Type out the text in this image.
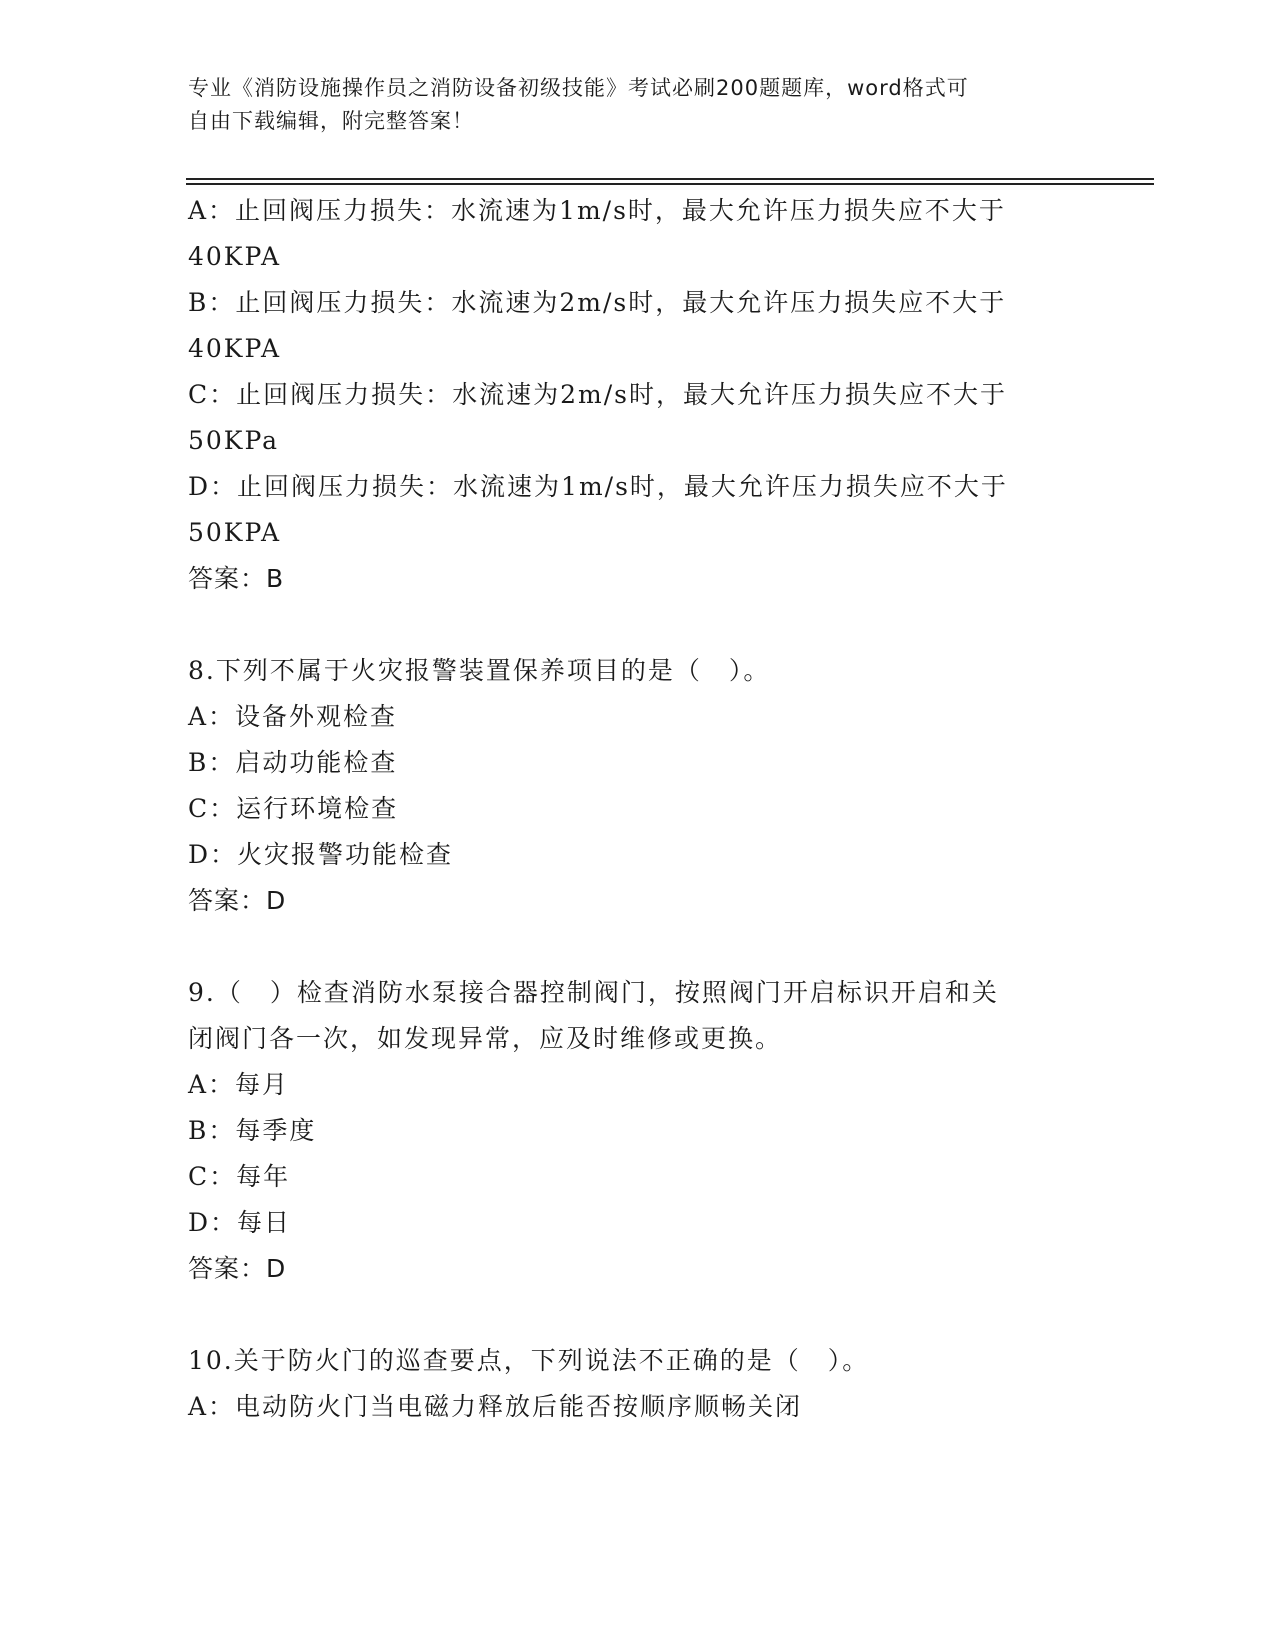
专业《消防设施操作员之消防设备初级技能》考试必刷200题题库，word格式可
自由下载编辑，附完整答案！
A：止回阀压力损失：水流速为1m/s时，最大允许压力损失应不大于
40KPA
B：止回阀压力损失：水流速为2m/s时，最大允许压力损失应不大于
40KPA
C：止回阀压力损失：水流速为2m/s时，最大允许压力损失应不大于
50KPa
D：止回阀压力损失：水流速为1m/s时，最大允许压力损失应不大于
50KPA
答案：B
8.下列不属于火灾报警装置保养项目的是（　）。
A：设备外观检查
B：启动功能检查
C：运行环境检查
D：火灾报警功能检查
答案：D
9.（　）检查消防水泵接合器控制阀门，按照阀门开启标识开启和关
闭阀门各一次，如发现异常，应及时维修或更换。
A：每月
B：每季度
C：每年
D：每日
答案：D
10.关于防火门的巡查要点，下列说法不正确的是（　）。
A：电动防火门当电磁力释放后能否按顺序顺畅关闭
